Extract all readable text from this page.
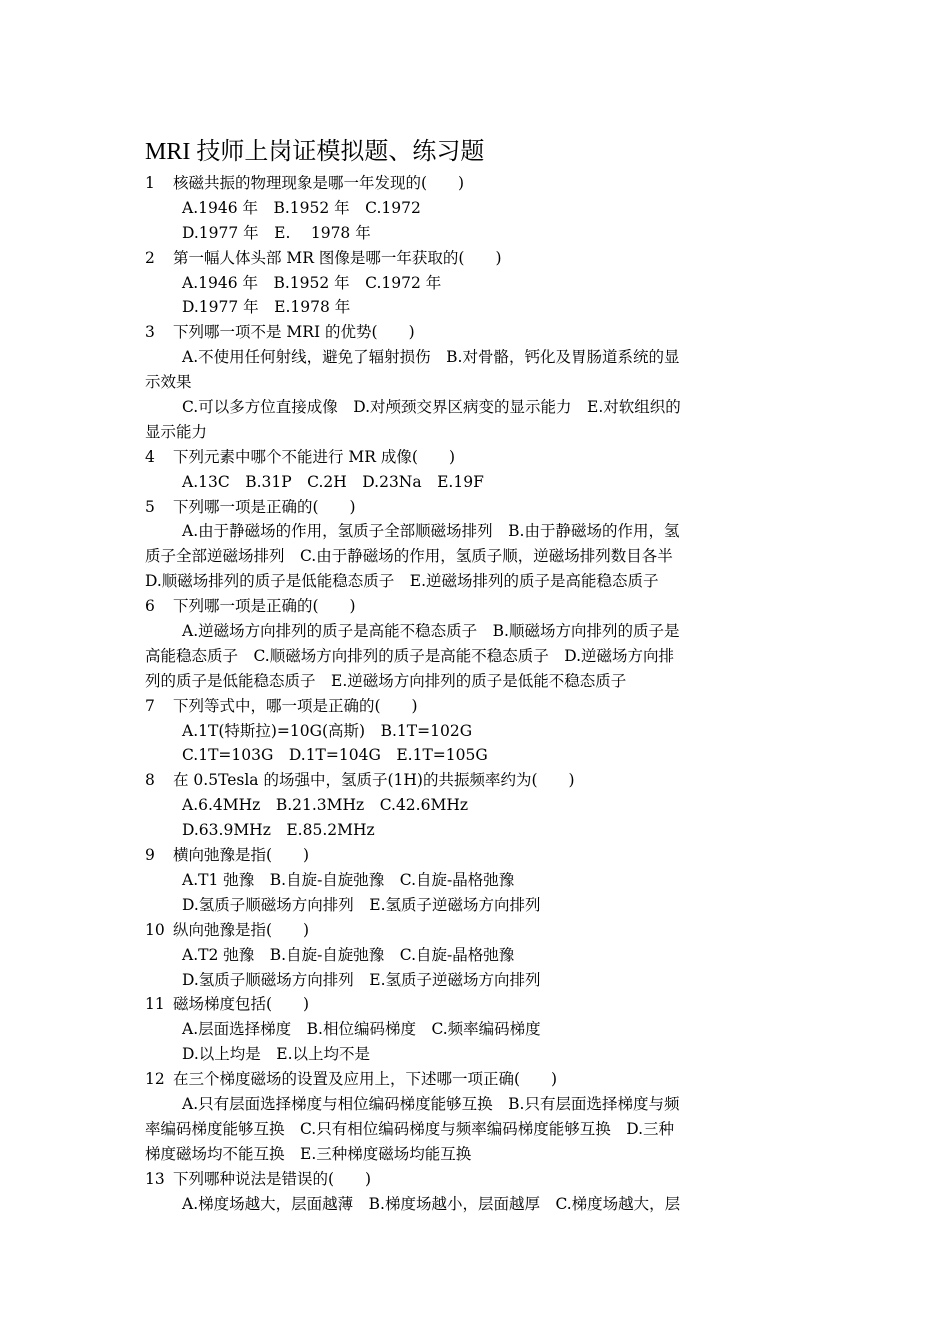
MRI 技师上岗证模拟题、练习题
1 核磁共振的物理现象是哪一年发现的(　　)
A.1946 年　B.1952 年　C.1972
D.1977 年　E.　 1978 年
2 第一幅人体头部 MR 图像是哪一年获取的(　　)
A.1946 年　B.1952 年　C.1972 年
D.1977 年　E.1978 年
3 下列哪一项不是 MRI 的优势(　　)
A.不使用任何射线，避免了辐射损伤　B.对骨骼，钙化及胃肠道系统的显
示效果
C.可以多方位直接成像　D.对颅颈交界区病变的显示能力　E.对软组织的
显示能力
4 下列元素中哪个不能进行 MR 成像(　　)
A.13C　B.31P　C.2H　D.23Na　E.19F
5 下列哪一项是正确的(　　)
A.由于静磁场的作用，氢质子全部顺磁场排列　B.由于静磁场的作用，氢
质子全部逆磁场排列　C.由于静磁场的作用，氢质子顺，逆磁场排列数目各半
D.顺磁场排列的质子是低能稳态质子　E.逆磁场排列的质子是高能稳态质子
6 下列哪一项是正确的(　　)
A.逆磁场方向排列的质子是高能不稳态质子　B.顺磁场方向排列的质子是
高能稳态质子　C.顺磁场方向排列的质子是高能不稳态质子　D.逆磁场方向排
列的质子是低能稳态质子　E.逆磁场方向排列的质子是低能不稳态质子
7 下列等式中，哪一项是正确的(　　)
A.1T(特斯拉)=10G(高斯)　B.1T=102G
C.1T=103G　D.1T=104G　E.1T=105G
8 在 0.5Tesla 的场强中，氢质子(1H)的共振频率约为(　　)
A.6.4MHz　B.21.3MHz　C.42.6MHz
D.63.9MHz　E.85.2MHz
9 横向弛豫是指(　　)
A.T1 弛豫　B.自旋-自旋弛豫　C.自旋-晶格弛豫
D.氢质子顺磁场方向排列　E.氢质子逆磁场方向排列
10 纵向弛豫是指(　　)
A.T2 弛豫　B.自旋-自旋弛豫　C.自旋-晶格弛豫
D.氢质子顺磁场方向排列　E.氢质子逆磁场方向排列
11 磁场梯度包括(　　)
A.层面选择梯度　B.相位编码梯度　C.频率编码梯度
D.以上均是　E.以上均不是
12 在三个梯度磁场的设置及应用上，下述哪一项正确(　　)
A.只有层面选择梯度与相位编码梯度能够互换　B.只有层面选择梯度与频
率编码梯度能够互换　C.只有相位编码梯度与频率编码梯度能够互换　D.三种
梯度磁场均不能互换　E.三种梯度磁场均能互换
13 下列哪种说法是错误的(　　)
A.梯度场越大，层面越薄　B.梯度场越小，层面越厚　C.梯度场越大，层
